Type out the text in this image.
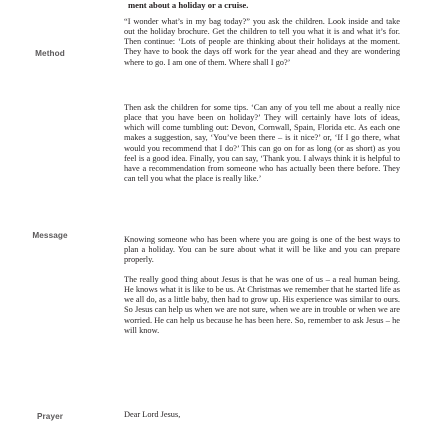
Method
Message
Prayer
ment about a holiday or a cruise.

“I wonder what’s in my bag today?” you ask the children. Look inside and take out the holiday brochure. Get the children to tell you what it is and what it’s for. Then continue: ‘Lots of people are thinking about their holidays at the moment. They have to book the days off work for the year ahead and they are wondering where to go. I am one of them. Where shall I go?’

Then ask the children for some tips. ‘Can any of you tell me about a really nice place that you have been on holiday?’ They will certainly have lots of ideas, which will come tumbling out: Devon, Cornwall, Spain, Florida etc. As each one makes a suggestion, say, ‘You’ve been there – is it nice?’ or, ‘If I go there, what would you recommend that I do?’ This can go on for as long (or as short) as you feel is a good idea. Finally, you can say, ‘Thank you. I always think it is helpful to have a recommendation from someone who has actually been there before. They can tell you what the place is really like.’

Knowing someone who has been where you are going is one of the best ways to plan a holiday. You can be sure about what it will be like and you can prepare properly.

The really good thing about Jesus is that he was one of us – a real human being. He knows what it is like to be us. At Christmas we remember that he started life as we all do, as a little baby, then had to grow up. His experience was similar to ours. So Jesus can help us when we are not sure, when we are in trouble or when we are worried. He can help us because he has been here. So, remember to ask Jesus – he will know.

Dear Lord Jesus,
